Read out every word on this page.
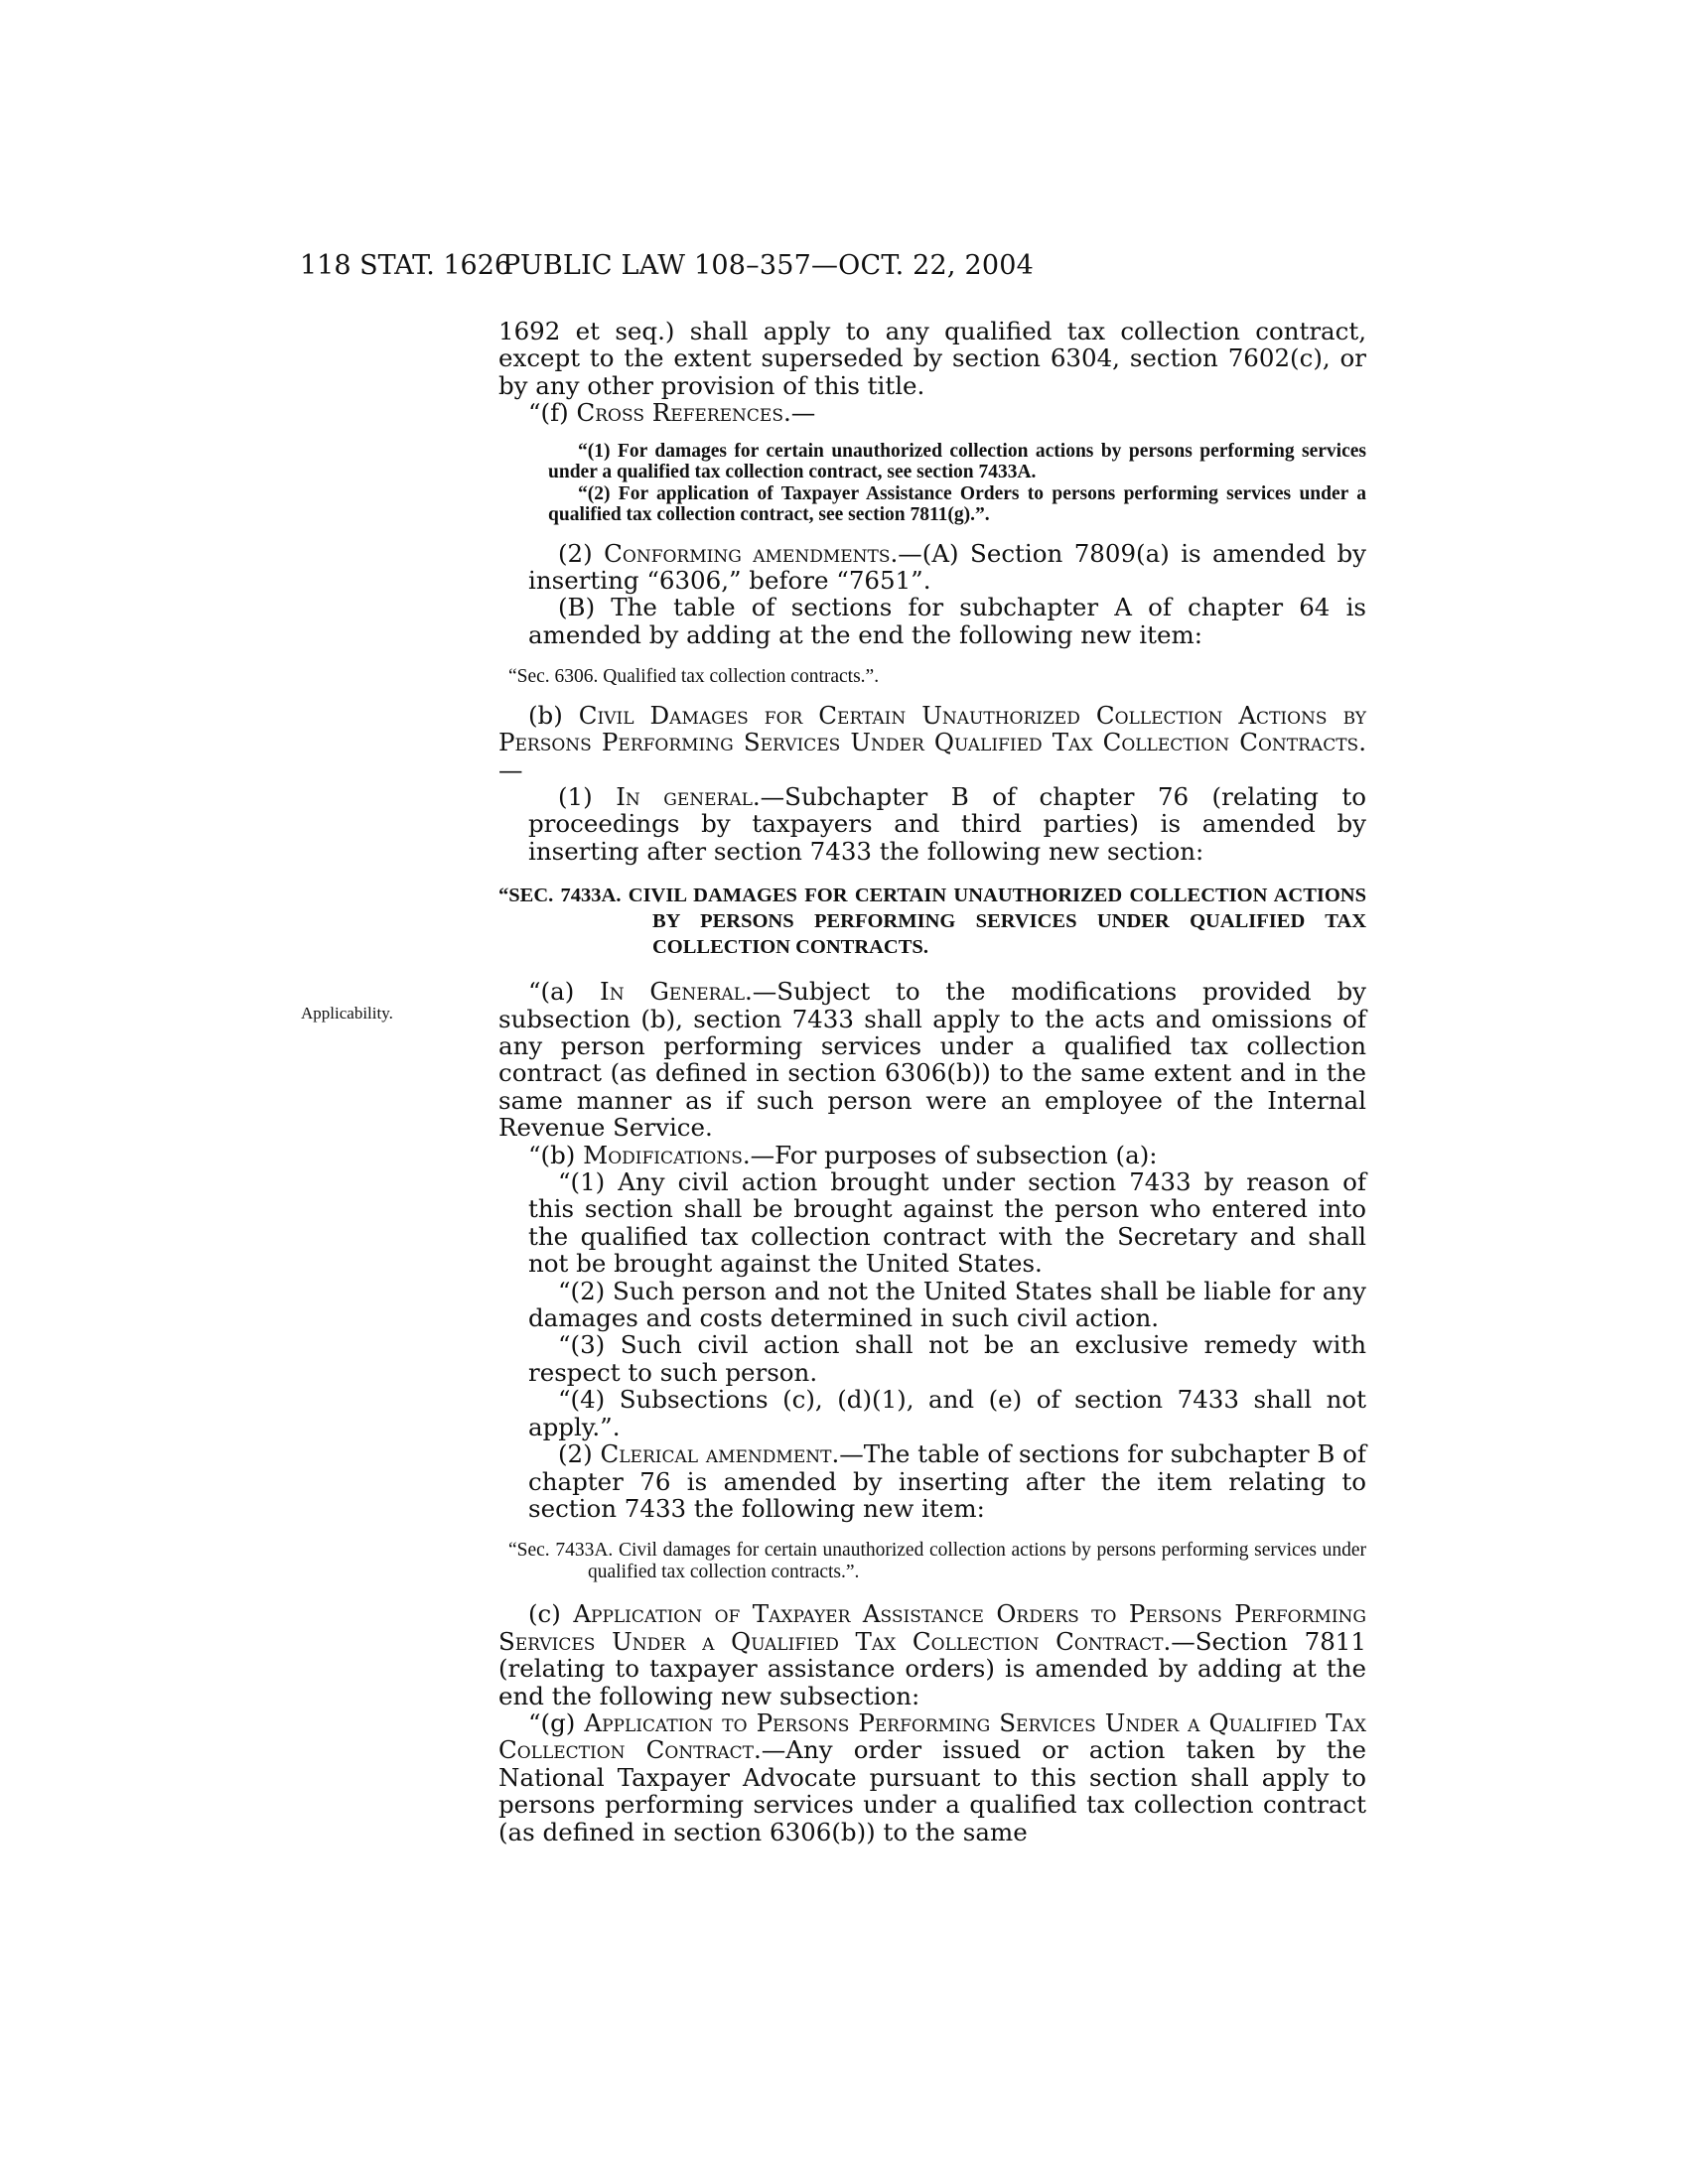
118 STAT. 1626
PUBLIC LAW 108–357—OCT. 22, 2004
Applicability.

1692 et seq.) shall apply to any qualified tax collection contract, except to the extent superseded by section 6304, section 7602(c), or by any other provision of this title.

“(f) Cross References.—

“(1) For damages for certain unauthorized collection actions by persons performing services under a qualified tax collection contract, see section 7433A.

“(2) For application of Taxpayer Assistance Orders to persons performing services under a qualified tax collection contract, see section 7811(g).”.

(2) Conforming amendments.—(A) Section 7809(a) is amended by inserting “6306,” before “7651”.

(B) The table of sections for subchapter A of chapter 64 is amended by adding at the end the following new item:

“Sec. 6306. Qualified tax collection contracts.”.

(b) Civil Damages for Certain Unauthorized Collection Actions by Persons Performing Services Under Qualified Tax Collection Contracts.—

(1) In general.—Subchapter B of chapter 76 (relating to proceedings by taxpayers and third parties) is amended by inserting after section 7433 the following new section:

“SEC. 7433A. CIVIL DAMAGES FOR CERTAIN UNAUTHORIZED COLLECTION ACTIONS BY PERSONS PERFORMING SERVICES UNDER QUALIFIED TAX COLLECTION CONTRACTS.

“(a) In General.—Subject to the modifications provided by subsection (b), section 7433 shall apply to the acts and omissions of any person performing services under a qualified tax collection contract (as defined in section 6306(b)) to the same extent and in the same manner as if such person were an employee of the Internal Revenue Service.

“(b) Modifications.—For purposes of subsection (a):

“(1) Any civil action brought under section 7433 by reason of this section shall be brought against the person who entered into the qualified tax collection contract with the Secretary and shall not be brought against the United States.

“(2) Such person and not the United States shall be liable for any damages and costs determined in such civil action.

“(3) Such civil action shall not be an exclusive remedy with respect to such person.

“(4) Subsections (c), (d)(1), and (e) of section 7433 shall not apply.”.

(2) Clerical amendment.—The table of sections for subchapter B of chapter 76 is amended by inserting after the item relating to section 7433 the following new item:

“Sec. 7433A. Civil damages for certain unauthorized collection actions by persons performing services under qualified tax collection contracts.”.

(c) Application of Taxpayer Assistance Orders to Persons Performing Services Under a Qualified Tax Collection Contract.—Section 7811 (relating to taxpayer assistance orders) is amended by adding at the end the following new subsection:

“(g) Application to Persons Performing Services Under a Qualified Tax Collection Contract.—Any order issued or action taken by the National Taxpayer Advocate pursuant to this section shall apply to persons performing services under a qualified tax collection contract (as defined in section 6306(b)) to the same
